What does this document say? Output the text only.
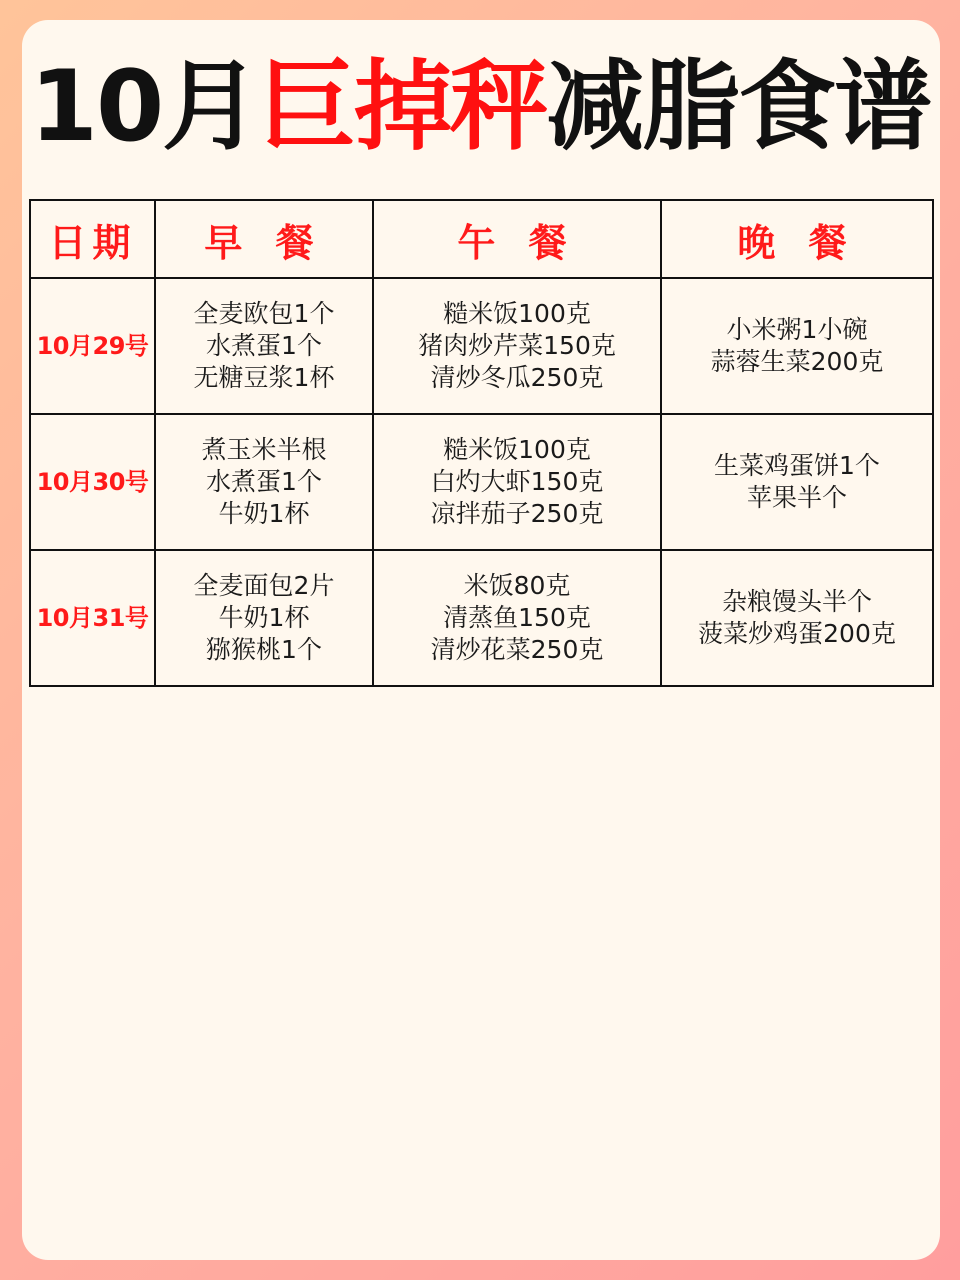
10月巨掉秤减脂食谱
日期	早 餐	午 餐	晚 餐
10月29号	全麦欧包1个
水煮蛋1个
无糖豆浆1杯	糙米饭100克
猪肉炒芹菜150克
清炒冬瓜250克	小米粥1小碗
蒜蓉生菜200克

10月30号	煮玉米半根
水煮蛋1个
牛奶1杯	糙米饭100克
白灼大虾150克
凉拌茄子250克	生菜鸡蛋饼1个
苹果半个

10月31号	全麦面包2片
牛奶1杯
猕猴桃1个	米饭80克
清蒸鱼150克
清炒花菜250克	杂粮馒头半个
菠菜炒鸡蛋200克
